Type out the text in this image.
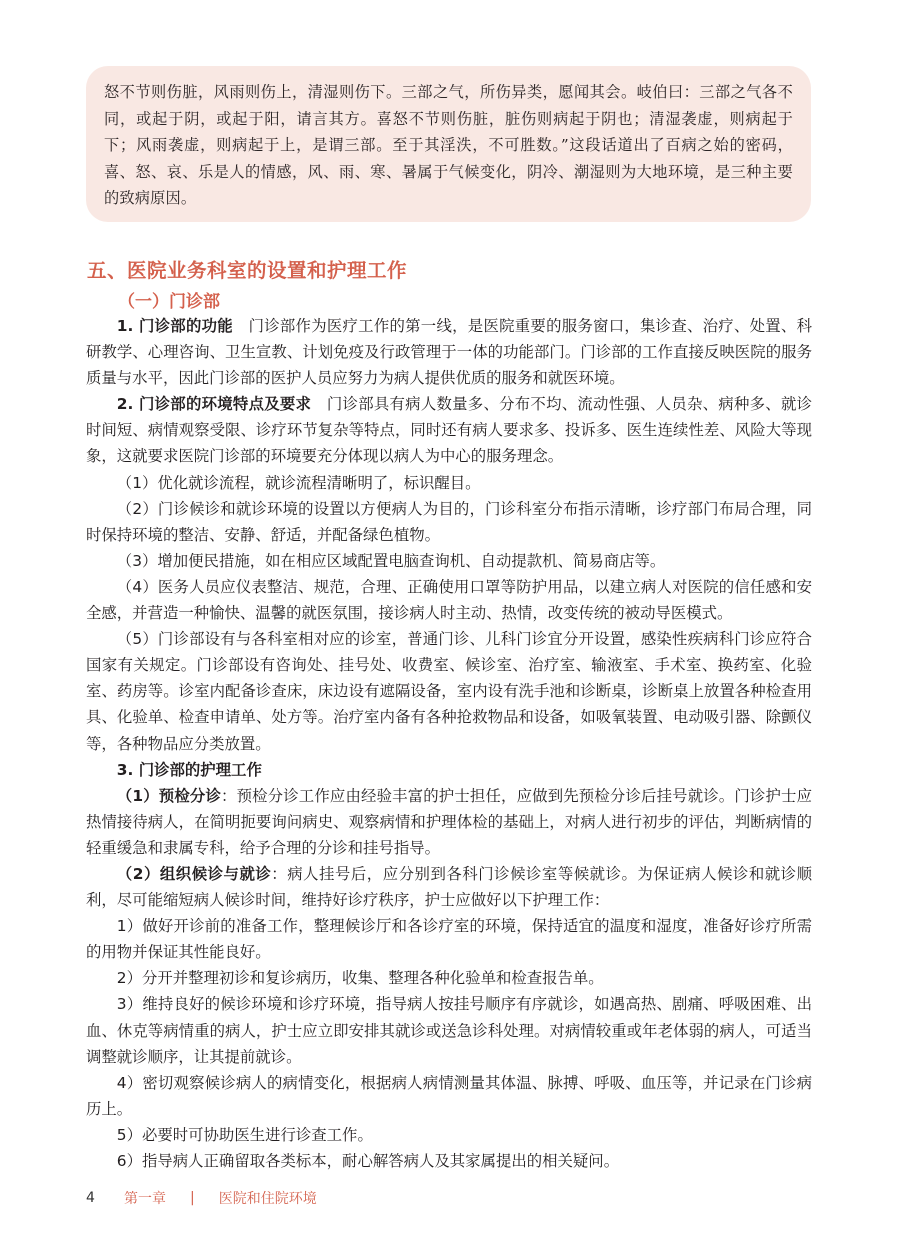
怒不节则伤脏，风雨则伤上，清湿则伤下。三部之气，所伤异类，愿闻其会。岐伯曰：三部之气各不同，或起于阴，或起于阳，请言其方。喜怒不节则伤脏，脏伤则病起于阴也；清湿袭虚，则病起于下；风雨袭虚，则病起于上，是谓三部。至于其淫泆，不可胜数。”这段话道出了百病之始的密码，喜、怒、哀、乐是人的情感，风、雨、寒、暑属于气候变化，阴冷、潮湿则为大地环境，是三种主要的致病原因。

五、医院业务科室的设置和护理工作
（一）门诊部

1. 门诊部的功能　门诊部作为医疗工作的第一线，是医院重要的服务窗口，集诊查、治疗、处置、科研教学、心理咨询、卫生宣教、计划免疫及行政管理于一体的功能部门。门诊部的工作直接反映医院的服务质量与水平，因此门诊部的医护人员应努力为病人提供优质的服务和就医环境。

2. 门诊部的环境特点及要求　门诊部具有病人数量多、分布不均、流动性强、人员杂、病种多、就诊时间短、病情观察受限、诊疗环节复杂等特点，同时还有病人要求多、投诉多、医生连续性差、风险大等现象，这就要求医院门诊部的环境要充分体现以病人为中心的服务理念。

（1）优化就诊流程，就诊流程清晰明了，标识醒目。

（2）门诊候诊和就诊环境的设置以方便病人为目的，门诊科室分布指示清晰，诊疗部门布局合理，同时保持环境的整洁、安静、舒适，并配备绿色植物。

（3）增加便民措施，如在相应区域配置电脑查询机、自动提款机、简易商店等。

（4）医务人员应仪表整洁、规范，合理、正确使用口罩等防护用品，以建立病人对医院的信任感和安全感，并营造一种愉快、温馨的就医氛围，接诊病人时主动、热情，改变传统的被动导医模式。

（5）门诊部设有与各科室相对应的诊室，普通门诊、儿科门诊宜分开设置，感染性疾病科门诊应符合国家有关规定。门诊部设有咨询处、挂号处、收费室、候诊室、治疗室、输液室、手术室、换药室、化验室、药房等。诊室内配备诊查床，床边设有遮隔设备，室内设有洗手池和诊断桌，诊断桌上放置各种检查用具、化验单、检查申请单、处方等。治疗室内备有各种抢救物品和设备，如吸氧装置、电动吸引器、除颤仪等，各种物品应分类放置。

3. 门诊部的护理工作

（1）预检分诊：预检分诊工作应由经验丰富的护士担任，应做到先预检分诊后挂号就诊。门诊护士应热情接待病人，在简明扼要询问病史、观察病情和护理体检的基础上，对病人进行初步的评估，判断病情的轻重缓急和隶属专科，给予合理的分诊和挂号指导。

（2）组织候诊与就诊：病人挂号后，应分别到各科门诊候诊室等候就诊。为保证病人候诊和就诊顺利，尽可能缩短病人候诊时间，维持好诊疗秩序，护士应做好以下护理工作：

1）做好开诊前的准备工作，整理候诊厅和各诊疗室的环境，保持适宜的温度和湿度，准备好诊疗所需的用物并保证其性能良好。

2）分开并整理初诊和复诊病历，收集、整理各种化验单和检查报告单。

3）维持良好的候诊环境和诊疗环境，指导病人按挂号顺序有序就诊，如遇高热、剧痛、呼吸困难、出血、休克等病情重的病人，护士应立即安排其就诊或送急诊科处理。对病情较重或年老体弱的病人，可适当调整就诊顺序，让其提前就诊。

4）密切观察候诊病人的病情变化，根据病人病情测量其体温、脉搏、呼吸、血压等，并记录在门诊病历上。

5）必要时可协助医生进行诊查工作。

6）指导病人正确留取各类标本，耐心解答病人及其家属提出的相关疑问。

4	第一章 | 医院和住院环境
